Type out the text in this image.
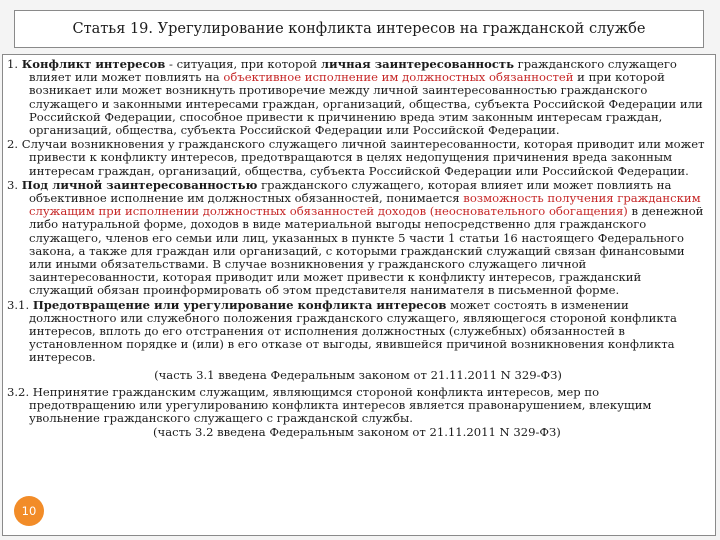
Статья 19. Урегулирование конфликта интересов на гражданской службе

1. Конфликт интересов - ситуация, при которой личная заинтересованность гражданского служащего влияет или может повлиять на объективное исполнение им должностных обязанностей и при которой возникает или может возникнуть противоречие между личной заинтересованностью гражданского служащего и законными интересами граждан, организаций, общества, субъекта Российской Федерации или Российской Федерации, способное привести к причинению вреда этим законным интересам граждан, организаций, общества, субъекта Российской Федерации или Российской Федерации.

2. Случаи возникновения у гражданского служащего личной заинтересованности, которая приводит или может привести к конфликту интересов, предотвращаются в целях недопущения причинения вреда законным интересам граждан, организаций, общества, субъекта Российской Федерации или Российской Федерации.

3. Под личной заинтересованностью гражданского служащего, которая влияет или может повлиять на объективное исполнение им должностных обязанностей, понимается возможность получения гражданским служащим при исполнении должностных обязанностей доходов (неосновательного обогащения) в денежной либо натуральной форме, доходов в виде материальной выгоды непосредственно для гражданского служащего, членов его семьи или лиц, указанных в пункте 5 части 1 статьи 16 настоящего Федерального закона, а также для граждан или организаций, с которыми гражданский служащий связан финансовыми или иными обязательствами. В случае возникновения у гражданского служащего личной заинтересованности, которая приводит или может привести к конфликту интересов, гражданский служащий обязан проинформировать об этом представителя нанимателя в письменной форме.

3.1. Предотвращение или урегулирование конфликта интересов может состоять в изменении должностного или служебного положения гражданского служащего, являющегося стороной конфликта интересов, вплоть до его отстранения от исполнения должностных (служебных) обязанностей в установленном порядке и (или) в его отказе от выгоды, явившейся причиной возникновения конфликта интересов.

(часть 3.1 введена Федеральным законом от 21.11.2011 N 329-ФЗ)

3.2. Непринятие гражданским служащим, являющимся стороной конфликта интересов, мер по предотвращению или урегулированию конфликта интересов является правонарушением, влекущим увольнение гражданского служащего с гражданской службы.

(часть 3.2 введена Федеральным законом от 21.11.2011 N 329-ФЗ)

10
